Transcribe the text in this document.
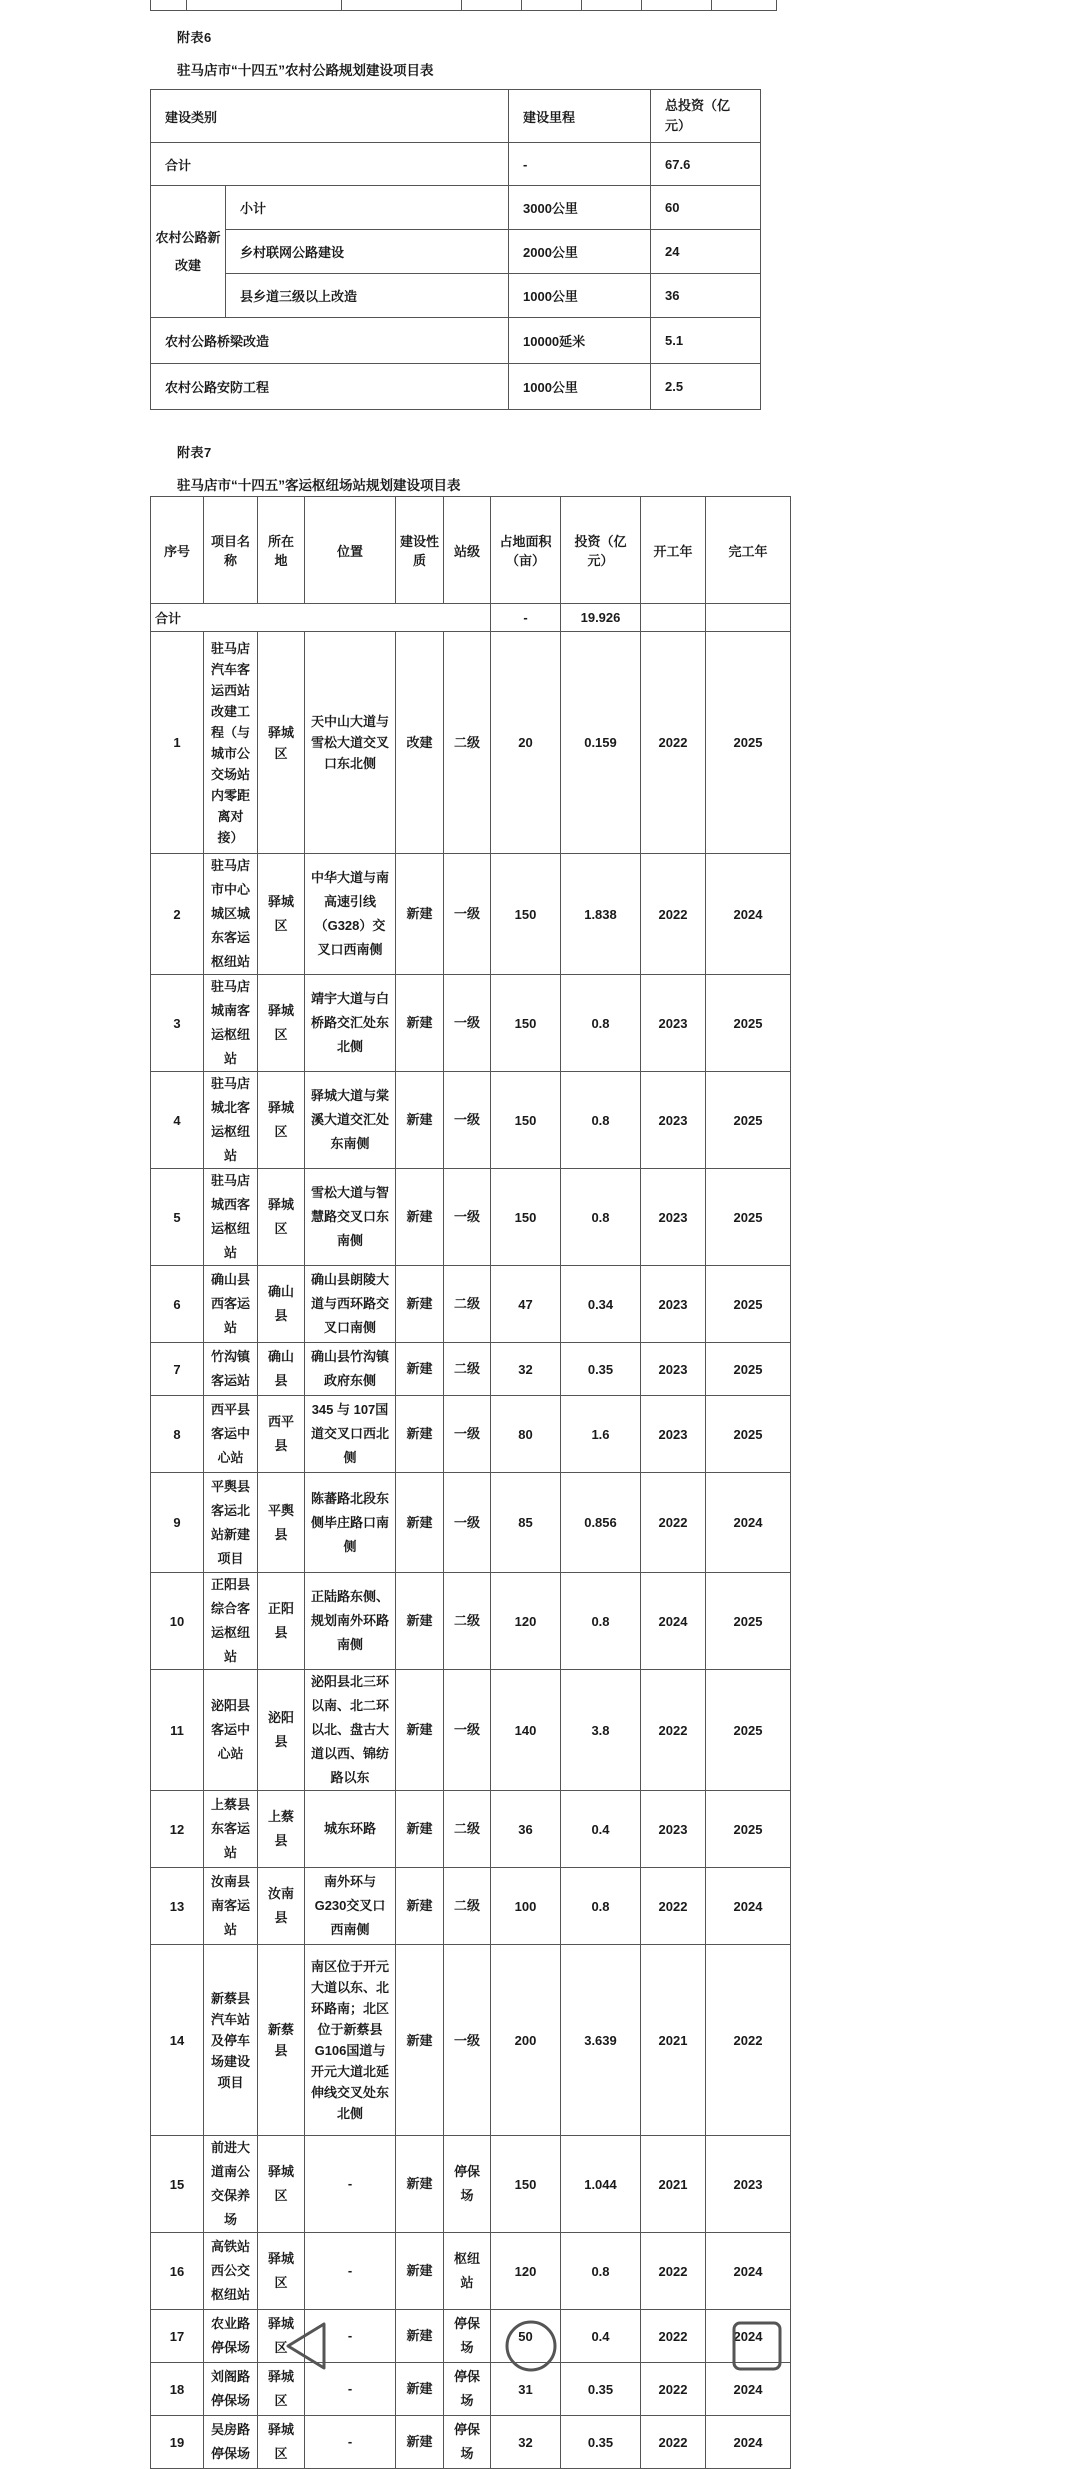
附表6
驻马店市“十四五”农村公路规划建设项目表
建设类别		建设里程	总投资（亿元）
合计		-	67.6
农村公路新改建	小计	3000公里	60
	乡村联网公路建设	2000公里	24
	县乡道三级以上改造	1000公里	36
农村公路桥梁改造		10000延米	5.1
农村公路安防工程		1000公里	2.5
附表7
驻马店市“十四五”客运枢纽场站规划建设项目表
序号	项目名称	所在地	位置	建设性质	站级	占地面积（亩）	投资（亿元）	开工年	完工年
合计						-	19.926		
1	驻马店汽车客运西站改建工程（与城市公交场站内零距离对接）	驿城区	天中山大道与雪松大道交叉口东北侧	改建	二级	20	0.159	2022	2025
2	驻马店市中心城区城东客运枢纽站	驿城区	中华大道与南高速引线（G328）交叉口西南侧	新建	一级	150	1.838	2022	2024
3	驻马店城南客运枢纽站	驿城区	靖宇大道与白桥路交汇处东北侧	新建	一级	150	0.8	2023	2025
4	驻马店城北客运枢纽站	驿城区	驿城大道与棠溪大道交汇处东南侧	新建	一级	150	0.8	2023	2025
5	驻马店城西客运枢纽站	驿城区	雪松大道与智慧路交叉口东南侧	新建	一级	150	0.8	2023	2025
6	确山县西客运站	确山县	确山县朗陵大道与西环路交叉口南侧	新建	二级	47	0.34	2023	2025
7	竹沟镇客运站	确山县	确山县竹沟镇政府东侧	新建	二级	32	0.35	2023	2025
8	西平县客运中心站	西平县	345 与 107国道交叉口西北侧	新建	一级	80	1.6	2023	2025
9	平舆县客运北站新建项目	平舆县	陈蕃路北段东侧毕庄路口南侧	新建	一级	85	0.856	2022	2024
10	正阳县综合客运枢纽站	正阳县	正陆路东侧、规划南外环路南侧	新建	二级	120	0.8	2024	2025
11	泌阳县客运中心站	泌阳县	泌阳县北三环以南、北二环以北、盘古大道以西、锦纺路以东	新建	一级	140	3.8	2022	2025
12	上蔡县东客运站	上蔡县	城东环路	新建	二级	36	0.4	2023	2025
13	汝南县南客运站	汝南县	南外环与G230交叉口西南侧	新建	二级	100	0.8	2022	2024
14	新蔡县汽车站及停车场建设项目	新蔡县	南区位于开元大道以东、北环路南；北区位于新蔡县G106国道与开元大道北延伸线交叉处东北侧	新建	一级	200	3.639	2021	2022
15	前进大道南公交保养场	驿城区	-	新建	停保场	150	1.044	2021	2023
16	高铁站西公交枢纽站	驿城区	-	新建	枢纽站	120	0.8	2022	2024
17	农业路停保场	驿城区	-	新建	停保场	50	0.4	2022	2024
18	刘阁路停保场	驿城区	-	新建	停保场	31	0.35	2022	2024
19	吴房路停保场	驿城区	-	新建	停保场	32	0.35	2022	2024
